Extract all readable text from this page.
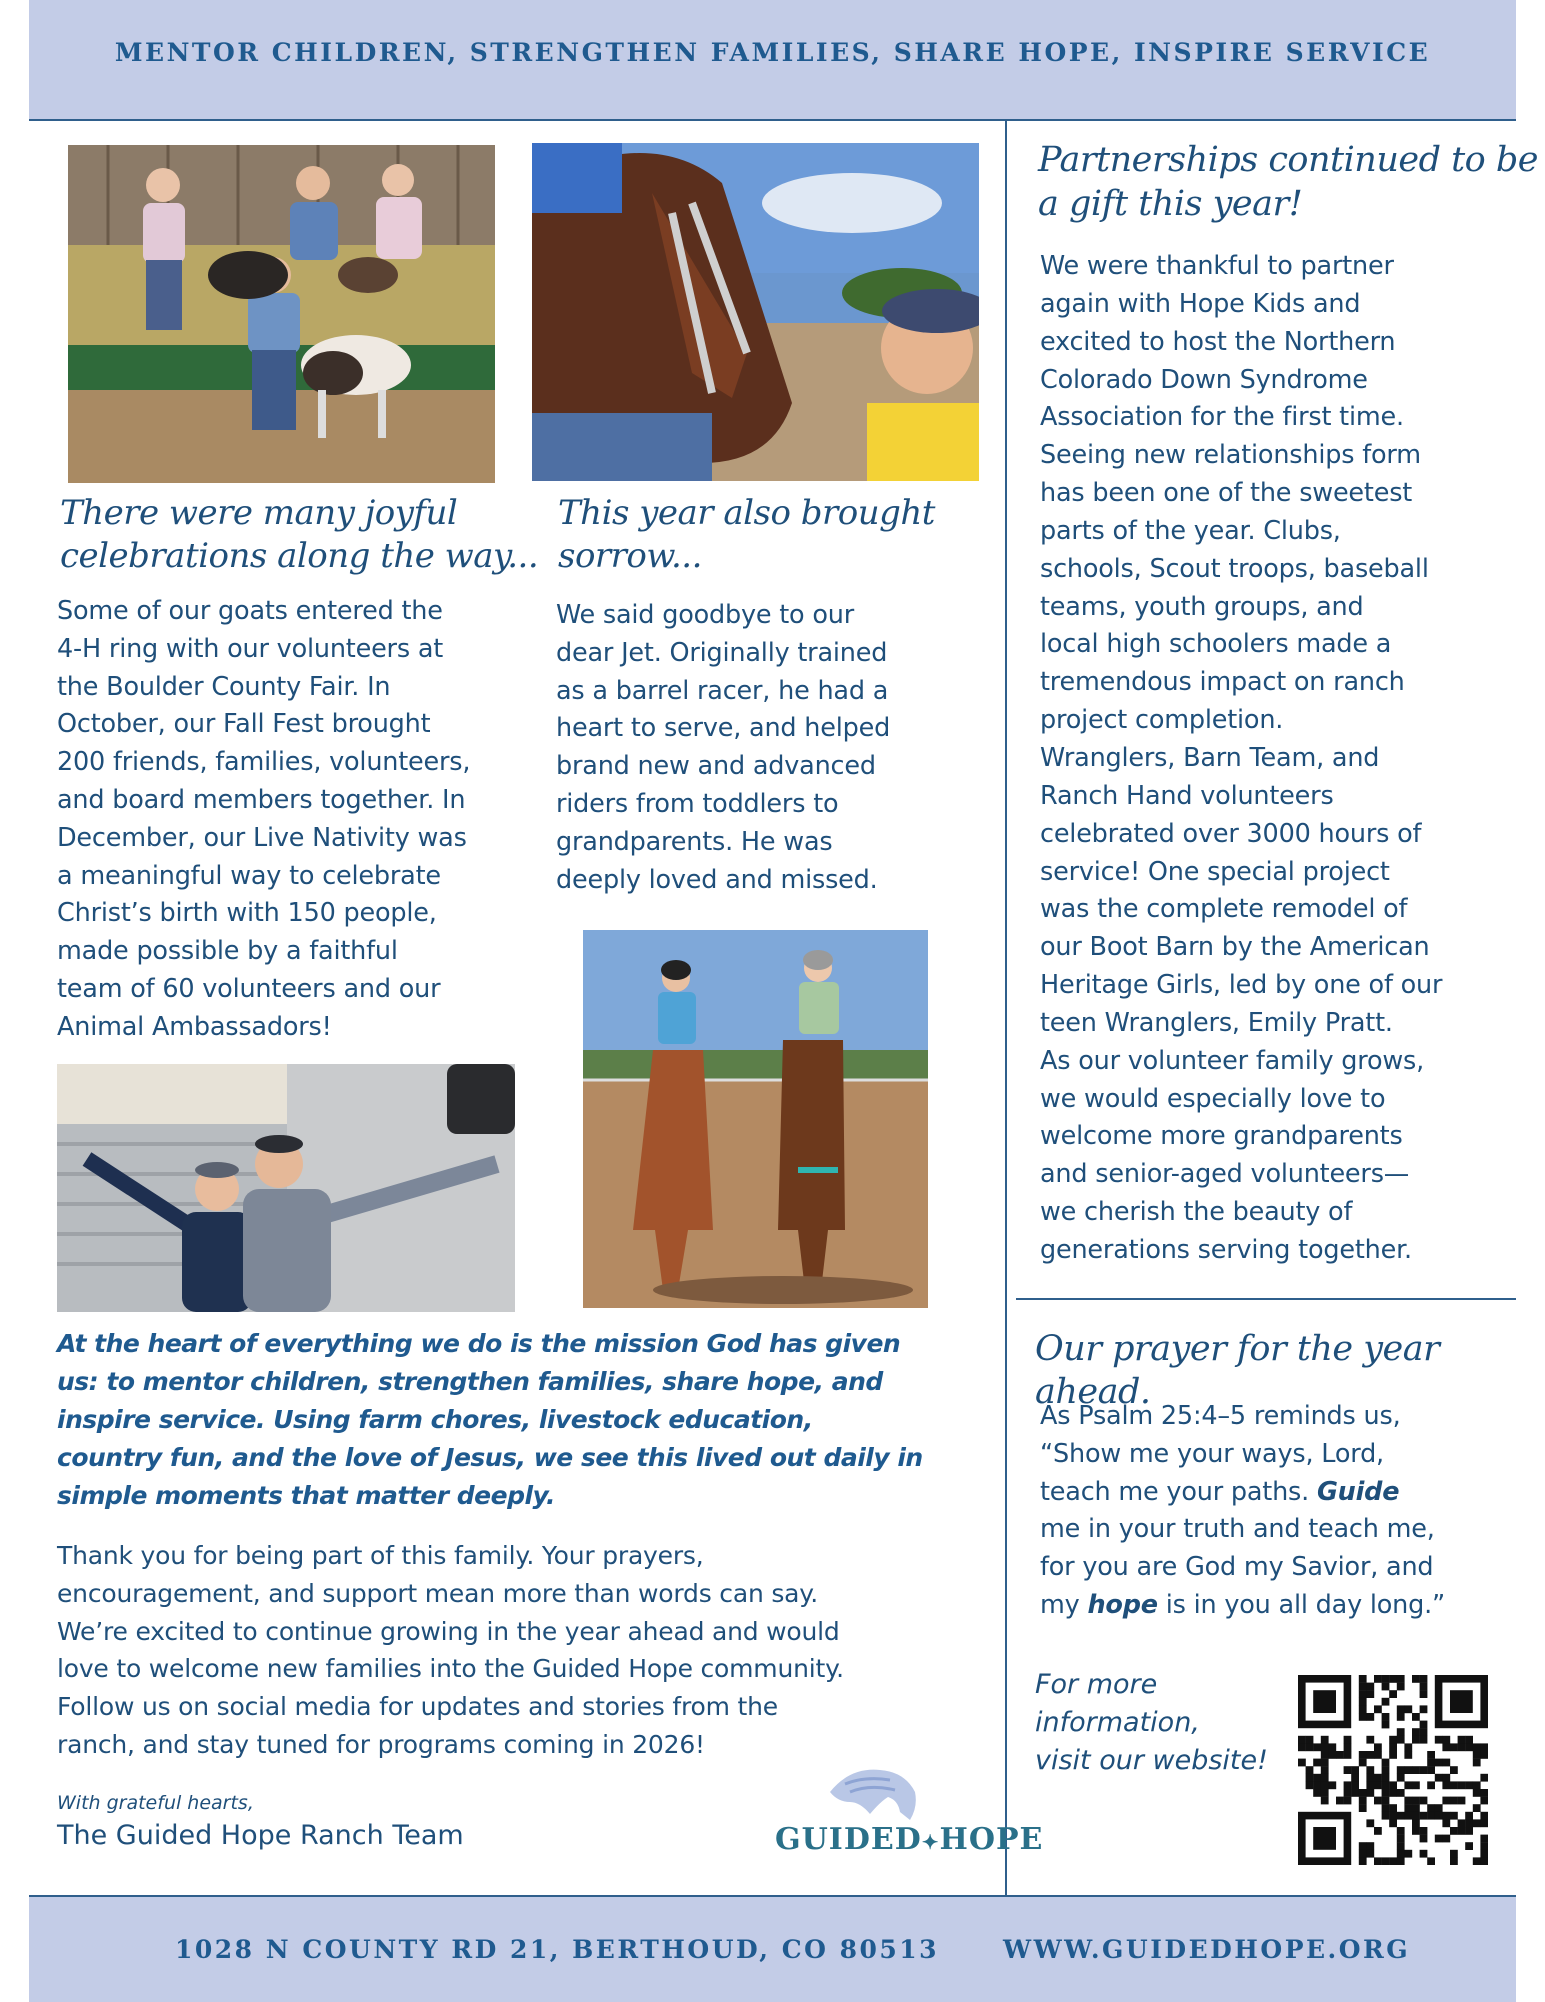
MENTOR CHILDREN, STRENGTHEN FAMILIES, SHARE HOPE, INSPIRE SERVICE
There were many joyful
celebrations along the way...
Some of our goats entered the
4-H ring with our volunteers at
the Boulder County Fair. In
October, our Fall Fest brought
200 friends, families, volunteers,
and board members together. In
December, our Live Nativity was
a meaningful way to celebrate
Christ’s birth with 150 people,
made possible by a faithful
team of 60 volunteers and our
Animal Ambassadors!
This year also brought
sorrow...
We said goodbye to our
dear Jet. Originally trained
as a barrel racer, he had a
heart to serve, and helped
brand new and advanced
riders from toddlers to
grandparents. He was
deeply loved and missed.
At the heart of everything we do is the mission God has given
us: to mentor children, strengthen families, share hope, and
inspire service. Using farm chores, livestock education,
country fun, and the love of Jesus, we see this lived out daily in
simple moments that matter deeply.
Thank you for being part of this family. Your prayers,
encouragement, and support mean more than words can say.
We’re excited to continue growing in the year ahead and would
love to welcome new families into the Guided Hope community.
Follow us on social media for updates and stories from the
ranch, and stay tuned for programs coming in 2026!
With grateful hearts,
The Guided Hope Ranch Team	GUIDED✦HOPE
Partnerships continued to be
a gift this year!
We were thankful to partner
again with Hope Kids and
excited to host the Northern
Colorado Down Syndrome
Association for the first time.
Seeing new relationships form
has been one of the sweetest
parts of the year. Clubs,
schools, Scout troops, baseball
teams, youth groups, and
local high schoolers made a
tremendous impact on ranch
project completion.
Wranglers, Barn Team, and
Ranch Hand volunteers
celebrated over 3000 hours of
service! One special project
was the complete remodel of
our Boot Barn by the American
Heritage Girls, led by one of our
teen Wranglers, Emily Pratt.
As our volunteer family grows,
we would especially love to
welcome more grandparents
and senior-aged volunteers—
we cherish the beauty of
generations serving together.
Our prayer for the year ahead.
As Psalm 25:4–5 reminds us,
“Show me your ways, Lord,
teach me your paths. Guide
me in your truth and teach me,
for you are God my Savior, and
my hope is in you all day long.”
For more
information,
visit our website!
1028 N COUNTY RD 21, BERTHOUD, CO 80513	WWW.GUIDEDHOPE.ORG
